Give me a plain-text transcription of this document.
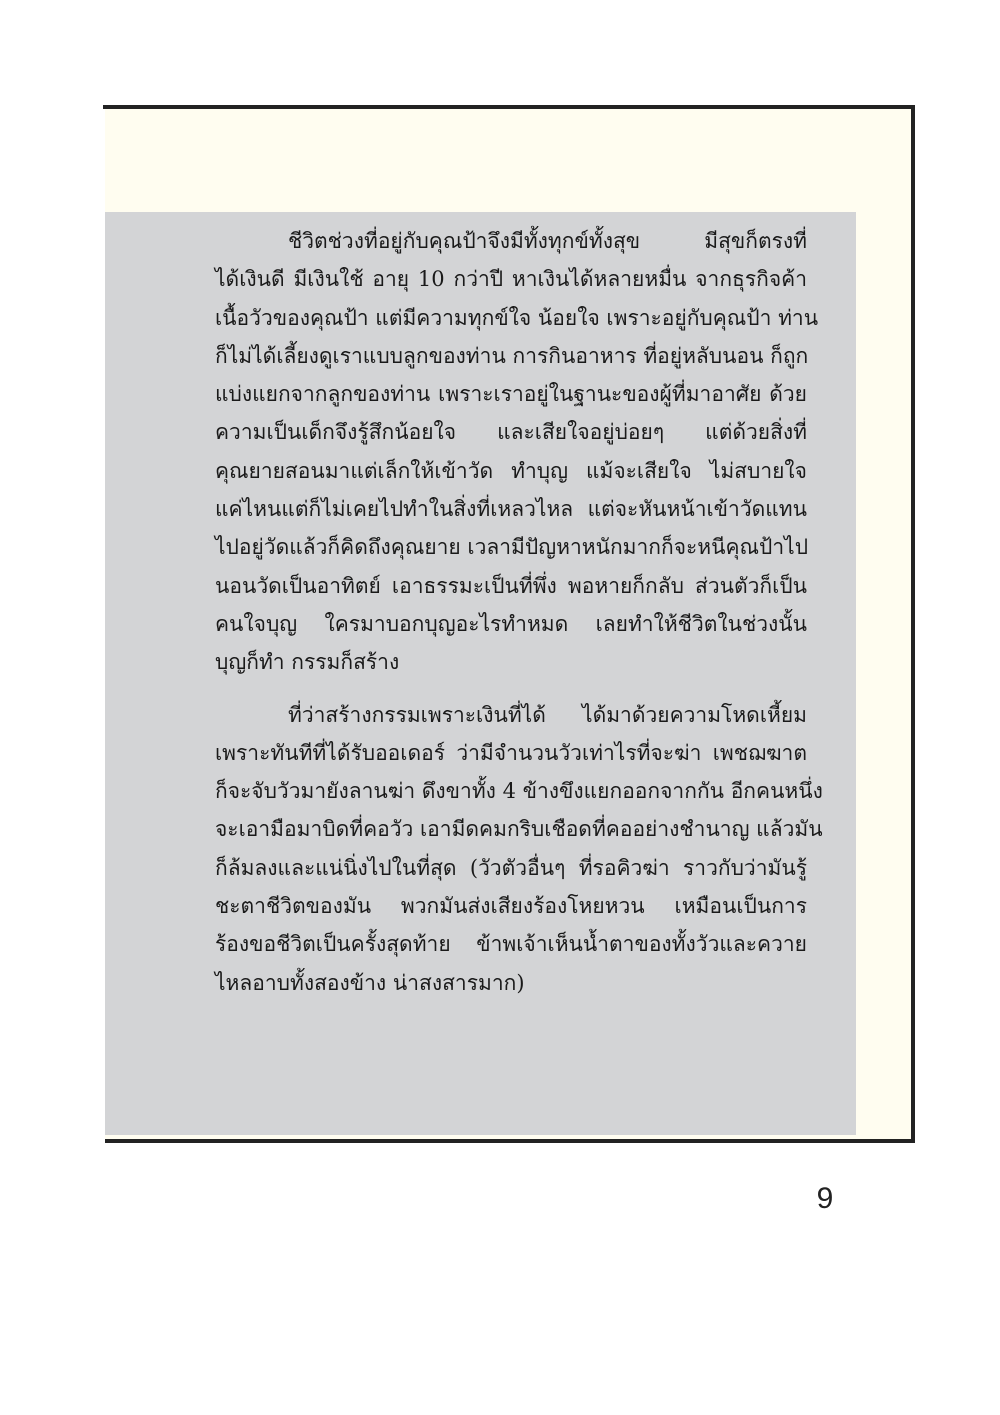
ชีวิตช่วงที่อยู่กับคุณป้าจึงมีทั้งทุกข์ทั้งสุข มีสุขก็ตรงที่
ได้เงินดี มีเงินใช้ อายุ 10 กว่าปี หาเงินได้หลายหมื่น จากธุรกิจค้า
เนื้อวัวของคุณป้า แต่มีความทุกข์ใจ น้อยใจ เพราะอยู่กับคุณป้า ท่าน
ก็ไม่ได้เลี้ยงดูเราแบบลูกของท่าน การกินอาหาร ที่อยู่หลับนอน ก็ถูก
แบ่งแยกจากลูกของท่าน เพราะเราอยู่ในฐานะของผู้ที่มาอาศัย ด้วย
ความเป็นเด็กจึงรู้สึกน้อยใจ และเสียใจอยู่บ่อยๆ แต่ด้วยสิ่งที่
คุณยายสอนมาแต่เล็กให้เข้าวัด ทำบุญ แม้จะเสียใจ ไม่สบายใจ
แค่ไหนแต่ก็ไม่เคยไปทำในสิ่งที่เหลวไหล แต่จะหันหน้าเข้าวัดแทน
ไปอยู่วัดแล้วก็คิดถึงคุณยาย เวลามีปัญหาหนักมากก็จะหนีคุณป้าไป
นอนวัดเป็นอาทิตย์ เอาธรรมะเป็นที่พึ่ง พอหายก็กลับ ส่วนตัวก็เป็น
คนใจบุญ ใครมาบอกบุญอะไรทำหมด เลยทำให้ชีวิตในช่วงนั้น
บุญก็ทำ กรรมก็สร้าง
ที่ว่าสร้างกรรมเพราะเงินที่ได้ ได้มาด้วยความโหดเหี้ยม
เพราะทันทีที่ได้รับออเดอร์ ว่ามีจำนวนวัวเท่าไรที่จะฆ่า เพชฌฆาต
ก็จะจับวัวมายังลานฆ่า ดึงขาทั้ง 4 ข้างขึงแยกออกจากกัน อีกคนหนึ่ง
จะเอามือมาบิดที่คอวัว เอามีดคมกริบเชือดที่คออย่างชำนาญ แล้วมัน
ก็ล้มลงและแน่นิ่งไปในที่สุด (วัวตัวอื่นๆ ที่รอคิวฆ่า ราวกับว่ามันรู้
ชะตาชีวิตของมัน พวกมันส่งเสียงร้องโหยหวน เหมือนเป็นการ
ร้องขอชีวิตเป็นครั้งสุดท้าย ข้าพเจ้าเห็นน้ำตาของทั้งวัวและควาย
ไหลอาบทั้งสองข้าง น่าสงสารมาก)
9
